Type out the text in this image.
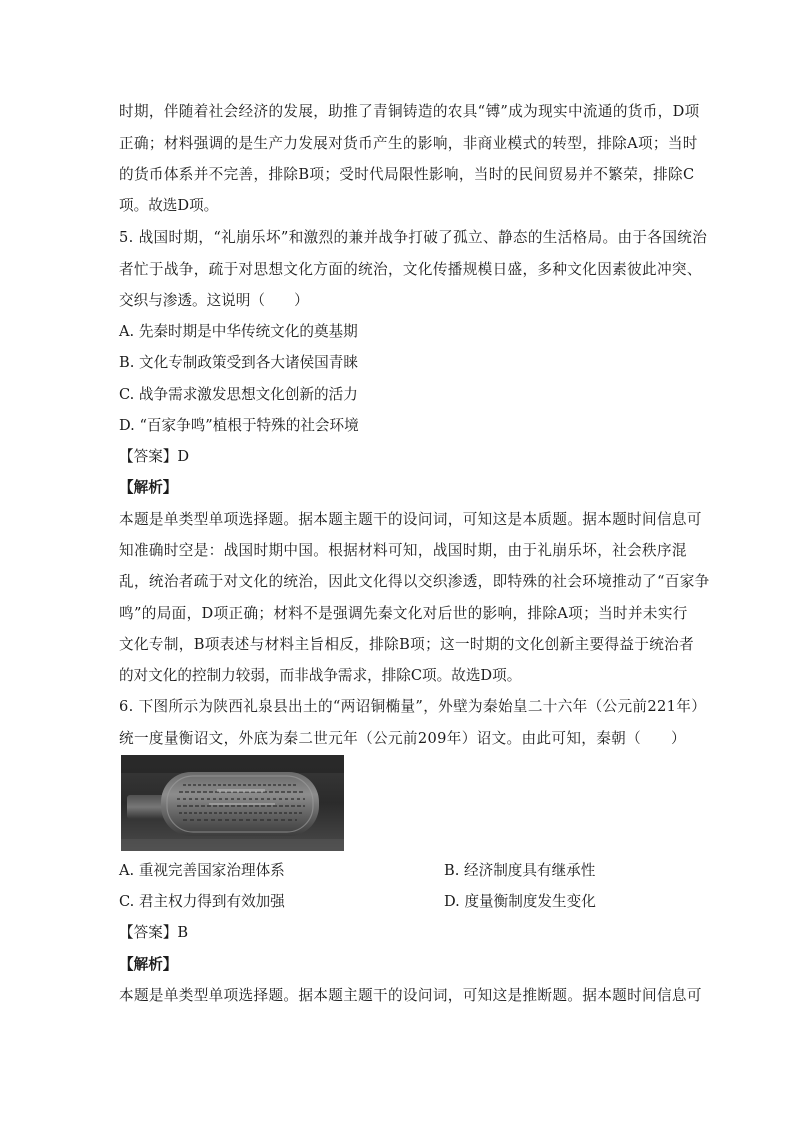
时期，伴随着社会经济的发展，助推了青铜铸造的农具“镈”成为现实中流通的货币，D项
正确；材料强调的是生产力发展对货币产生的影响，非商业模式的转型，排除A项；当时
的货币体系并不完善，排除B项；受时代局限性影响，当时的民间贸易并不繁荣，排除C
项。故选D项。
5. 战国时期，“礼崩乐坏”和激烈的兼并战争打破了孤立、静态的生活格局。由于各国统治
者忙于战争，疏于对思想文化方面的统治，文化传播规模日盛，多种文化因素彼此冲突、
交织与渗透。这说明（　　）
A. 先秦时期是中华传统文化的奠基期
B. 文化专制政策受到各大诸侯国青睐
C. 战争需求激发思想文化创新的活力
D. “百家争鸣”植根于特殊的社会环境
【答案】D
【解析】
本题是单类型单项选择题。据本题主题干的设问词，可知这是本质题。据本题时间信息可
知准确时空是：战国时期中国。根据材料可知，战国时期，由于礼崩乐坏，社会秩序混
乱，统治者疏于对文化的统治，因此文化得以交织渗透，即特殊的社会环境推动了“百家争
鸣”的局面，D项正确；材料不是强调先秦文化对后世的影响，排除A项；当时并未实行
文化专制，B项表述与材料主旨相反，排除B项；这一时期的文化创新主要得益于统治者
的对文化的控制力较弱，而非战争需求，排除C项。故选D项。
6. 下图所示为陕西礼泉县出土的“两诏铜椭量”，外壁为秦始皇二十六年（公元前221年）
统一度量衡诏文，外底为秦二世元年（公元前209年）诏文。由此可知，秦朝（　　）
A. 重视完善国家治理体系	B. 经济制度具有继承性
C. 君主权力得到有效加强	D. 度量衡制度发生变化
【答案】B
【解析】
本题是单类型单项选择题。据本题主题干的设问词，可知这是推断题。据本题时间信息可
